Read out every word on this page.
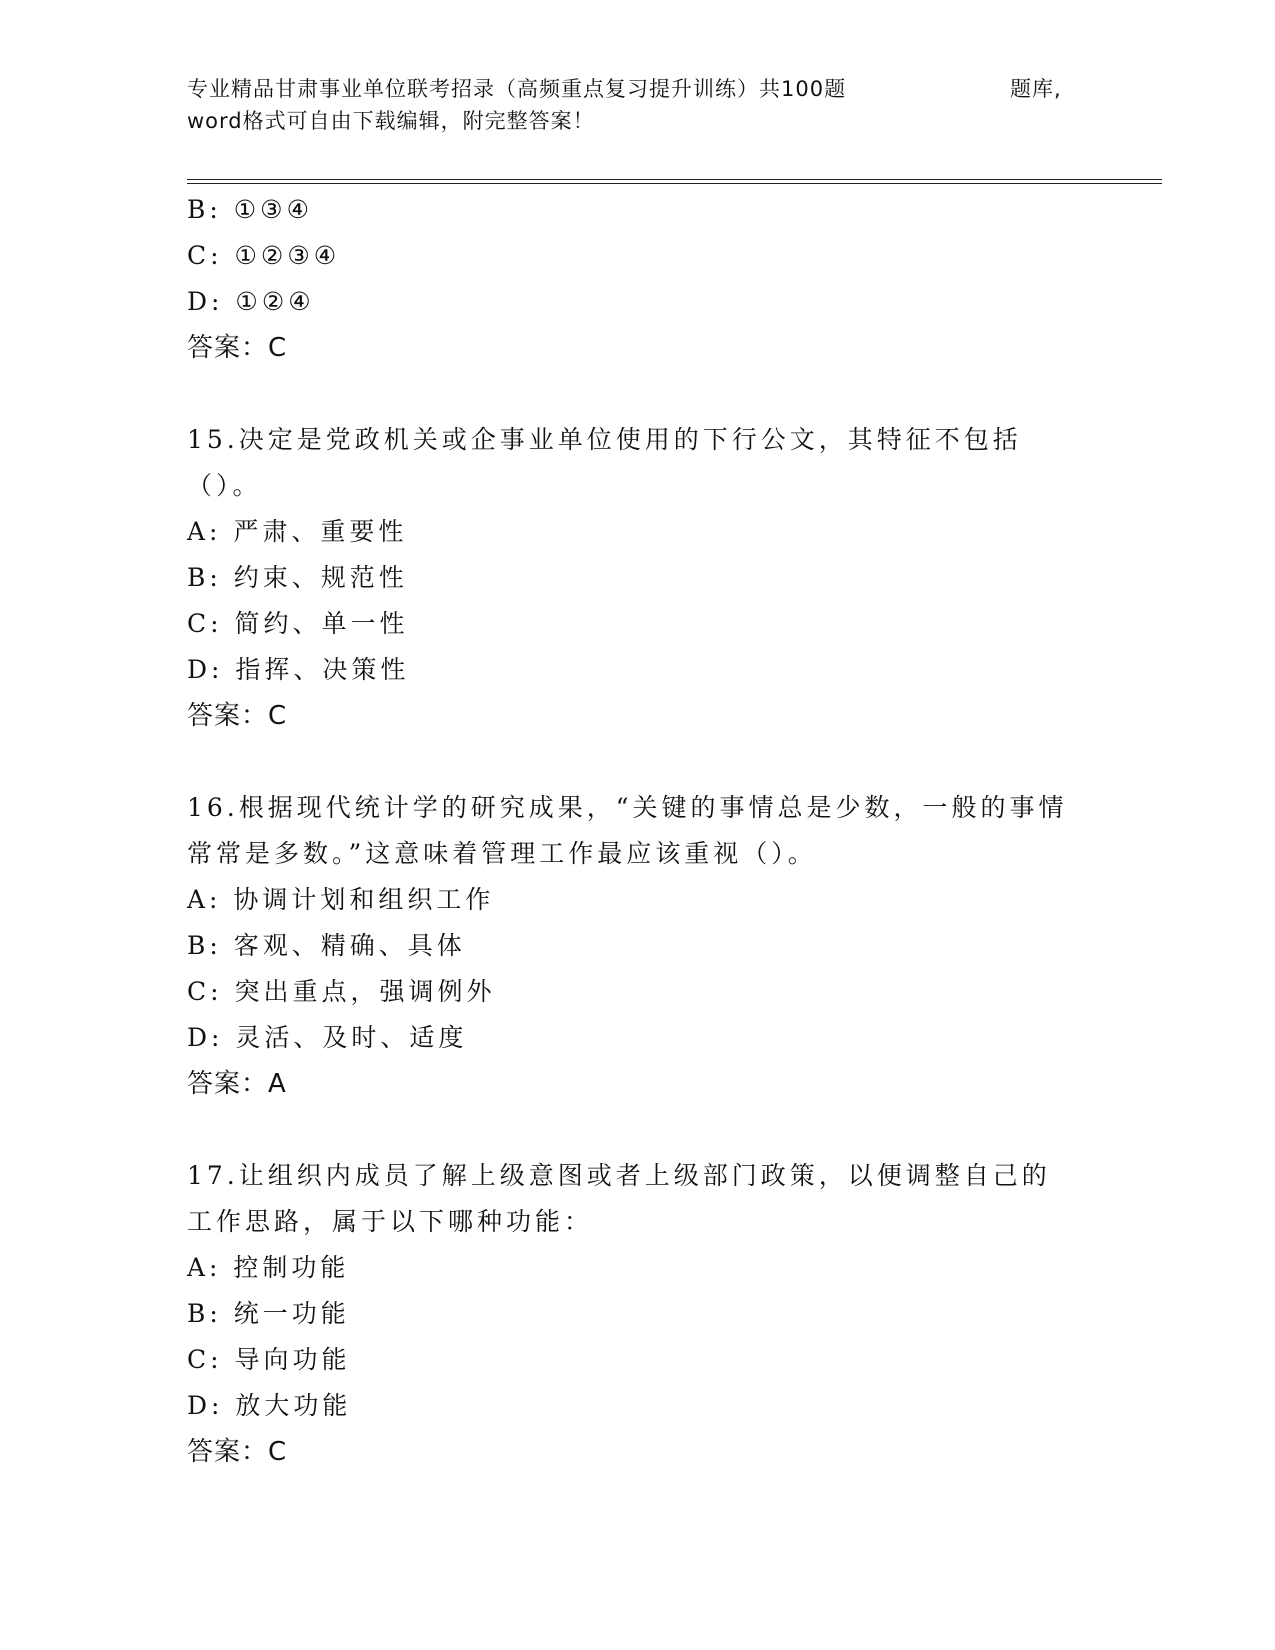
专业精品甘肃事业单位联考招录（高频重点复习提升训练）共100题	题库,
word格式可自由下载编辑，附完整答案！
B: ①③④
C: ①②③④
D: ①②④
答案：C
15.决定是党政机关或企事业单位使用的下行公文，其特征不包括（）。
A: 严肃、重要性
B: 约束、规范性
C: 简约、单一性
D: 指挥、决策性
答案：C
16.根据现代统计学的研究成果，“关键的事情总是少数，一般的事情常常是多数。”这意味着管理工作最应该重视（）。
A: 协调计划和组织工作
B: 客观、精确、具体
C: 突出重点，强调例外
D: 灵活、及时、适度
答案：A
17.让组织内成员了解上级意图或者上级部门政策，以便调整自己的工作思路，属于以下哪种功能：
A: 控制功能
B: 统一功能
C: 导向功能
D: 放大功能
答案：C
